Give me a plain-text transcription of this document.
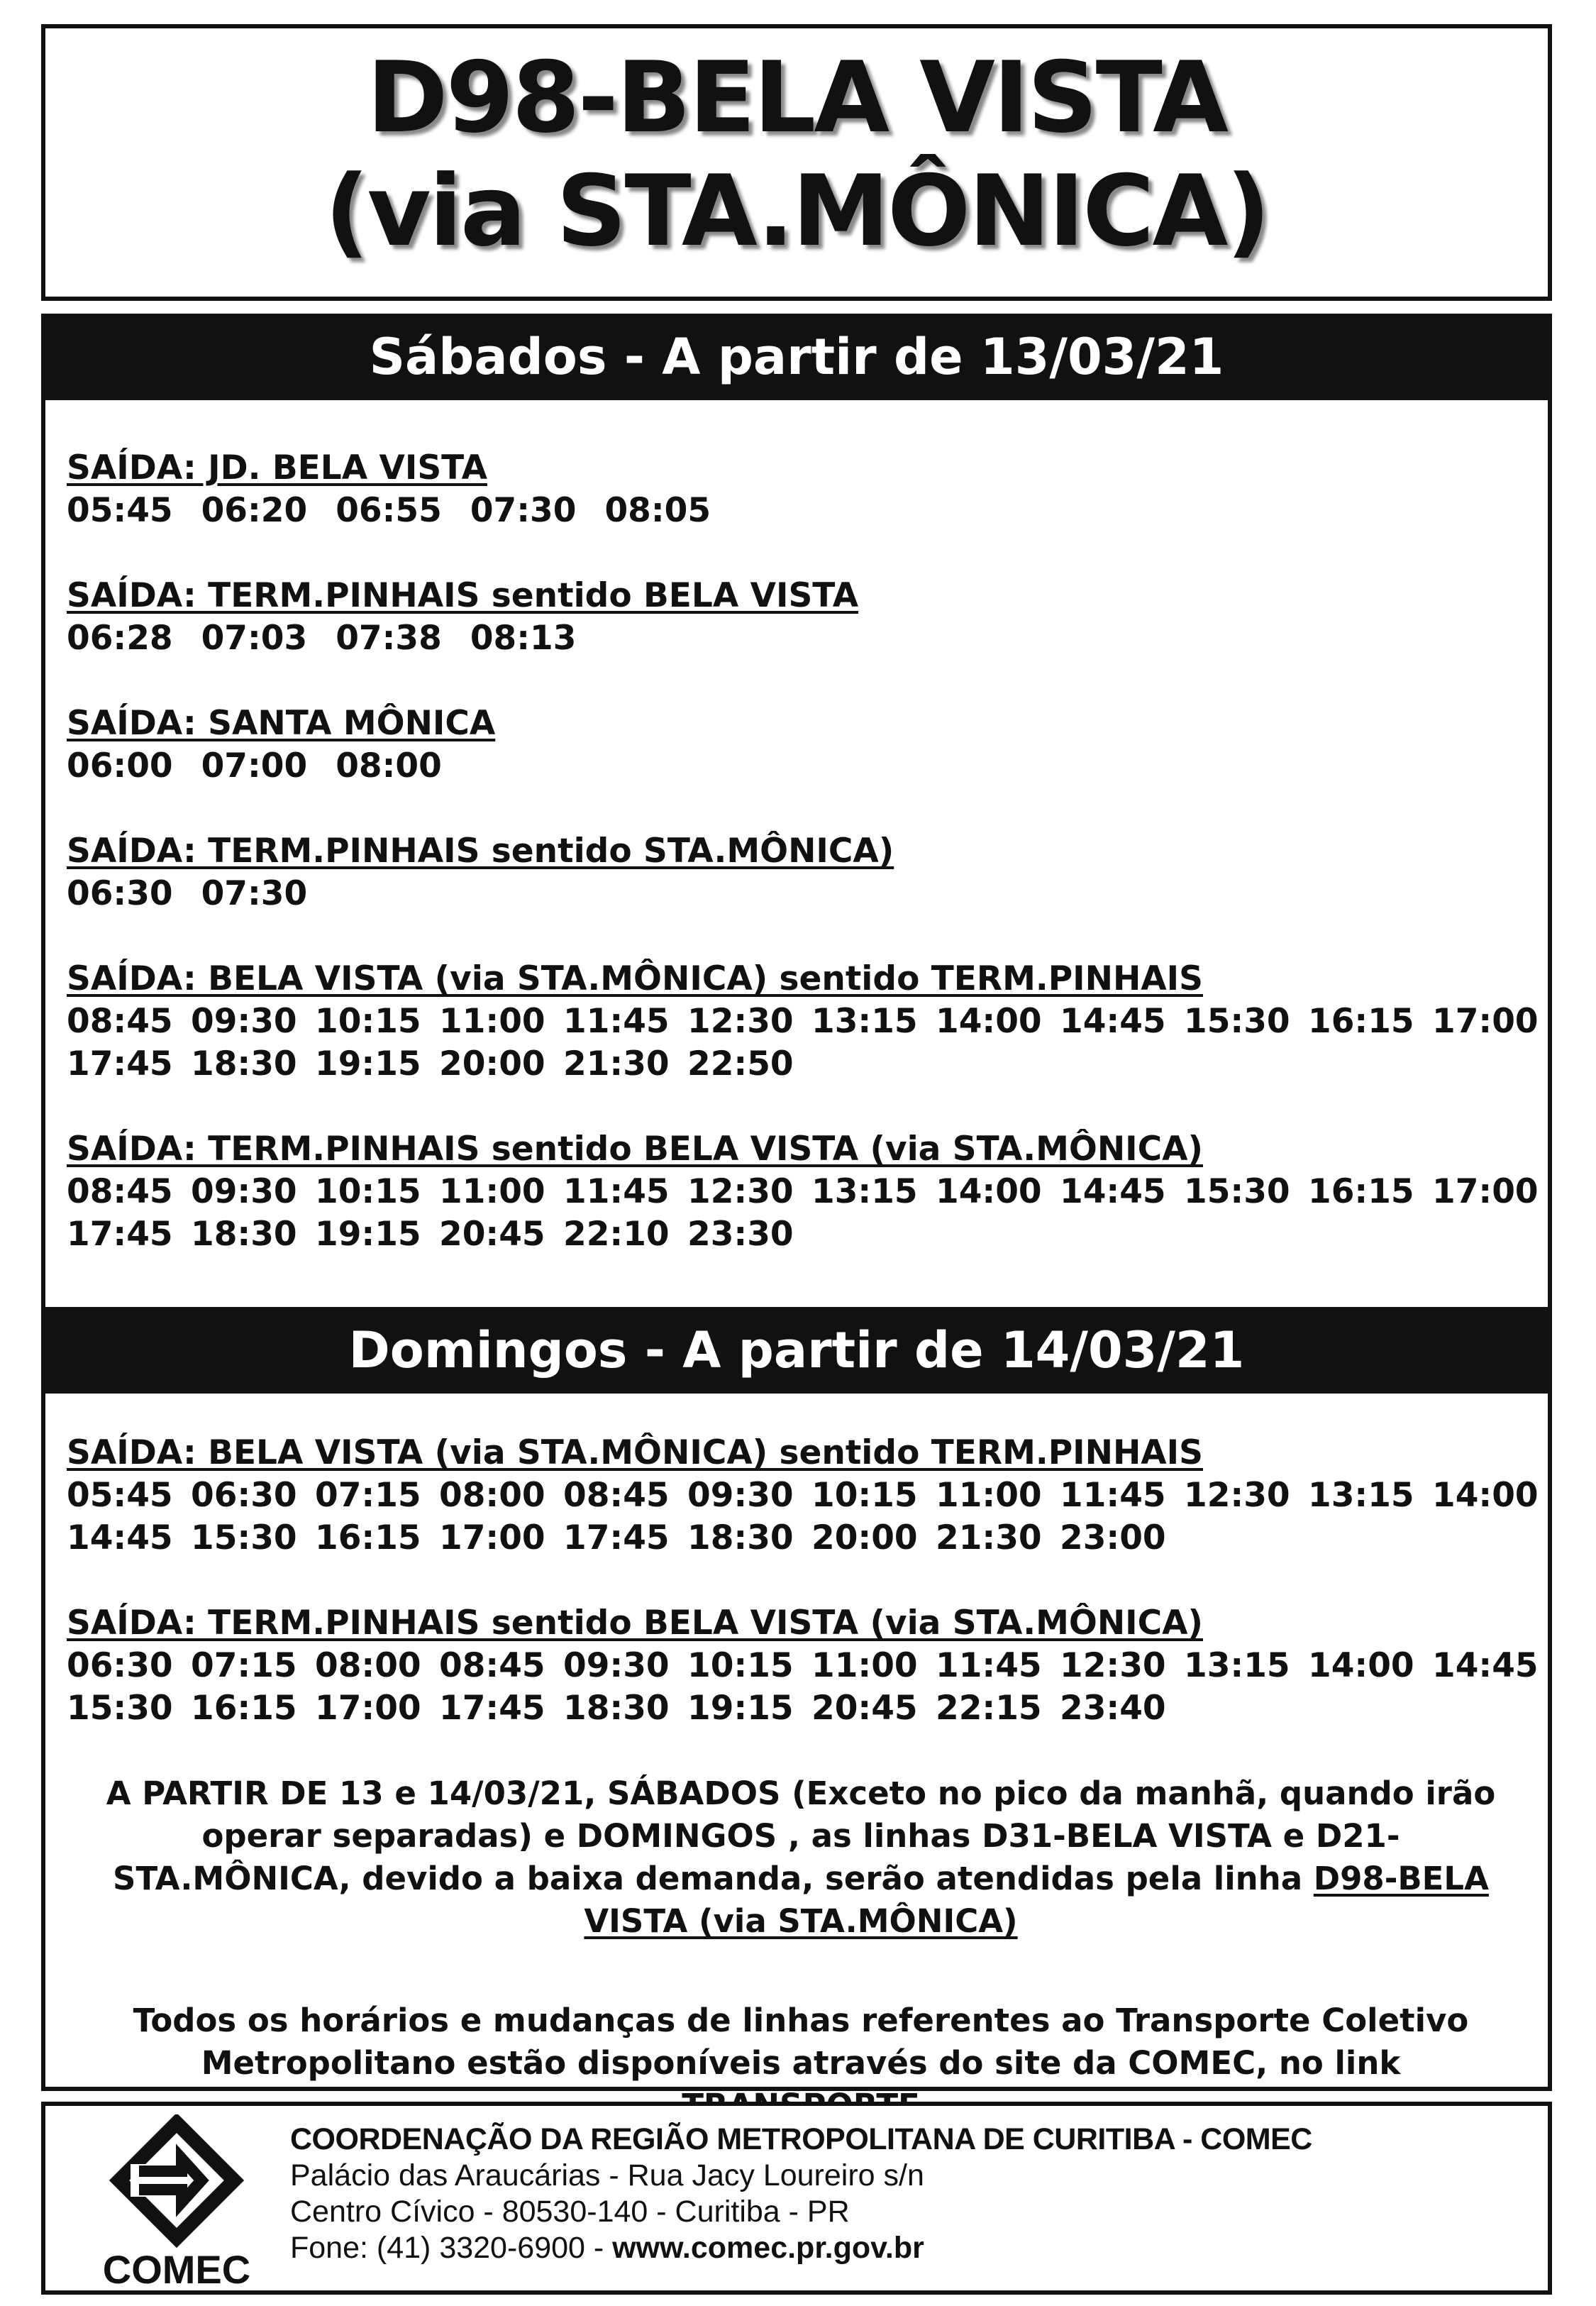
D98-BELA VISTA
(via STA.MÔNICA)
Sábados - A partir de 13/03/21
SAÍDA: JD. BELA VISTA
05:45 06:20 06:55 07:30 08:05
SAÍDA: TERM.PINHAIS sentido BELA VISTA
06:28 07:03 07:38 08:13
SAÍDA: SANTA MÔNICA
06:00 07:00 08:00
SAÍDA: TERM.PINHAIS sentido STA.MÔNICA)
06:30 07:30
SAÍDA: BELA VISTA (via STA.MÔNICA) sentido TERM.PINHAIS
08:45 09:30 10:15 11:00 11:45 12:30 13:15 14:00 14:45 15:30 16:15 17:00
17:45 18:30 19:15 20:00 21:30 22:50
SAÍDA: TERM.PINHAIS sentido BELA VISTA (via STA.MÔNICA)
08:45 09:30 10:15 11:00 11:45 12:30 13:15 14:00 14:45 15:30 16:15 17:00
17:45 18:30 19:15 20:45 22:10 23:30
Domingos - A partir de 14/03/21
SAÍDA: BELA VISTA (via STA.MÔNICA) sentido TERM.PINHAIS
05:45 06:30 07:15 08:00 08:45 09:30 10:15 11:00 11:45 12:30 13:15 14:00
14:45 15:30 16:15 17:00 17:45 18:30 20:00 21:30 23:00
SAÍDA: TERM.PINHAIS sentido BELA VISTA (via STA.MÔNICA)
06:30 07:15 08:00 08:45 09:30 10:15 11:00 11:45 12:30 13:15 14:00 14:45
15:30 16:15 17:00 17:45 18:30 19:15 20:45 22:15 23:40
A PARTIR DE 13 e 14/03/21, SÁBADOS (Exceto no pico da manhã, quando irão operar separadas) e DOMINGOS , as linhas D31-BELA VISTA e D21-STA.MÔNICA, devido a baixa demanda, serão atendidas pela linha D98-BELA VISTA (via STA.MÔNICA)
Todos os horários e mudanças de linhas referentes ao Transporte Coletivo Metropolitano estão disponíveis através do site da COMEC, no link
COMEC
COORDENAÇÃO DA REGIÃO METROPOLITANA DE CURITIBA - COMEC
Palácio das Araucárias - Rua Jacy Loureiro s/n
Centro Cívico - 80530-140 - Curitiba - PR
Fone: (41) 3320-6900 - www.comec.pr.gov.br
